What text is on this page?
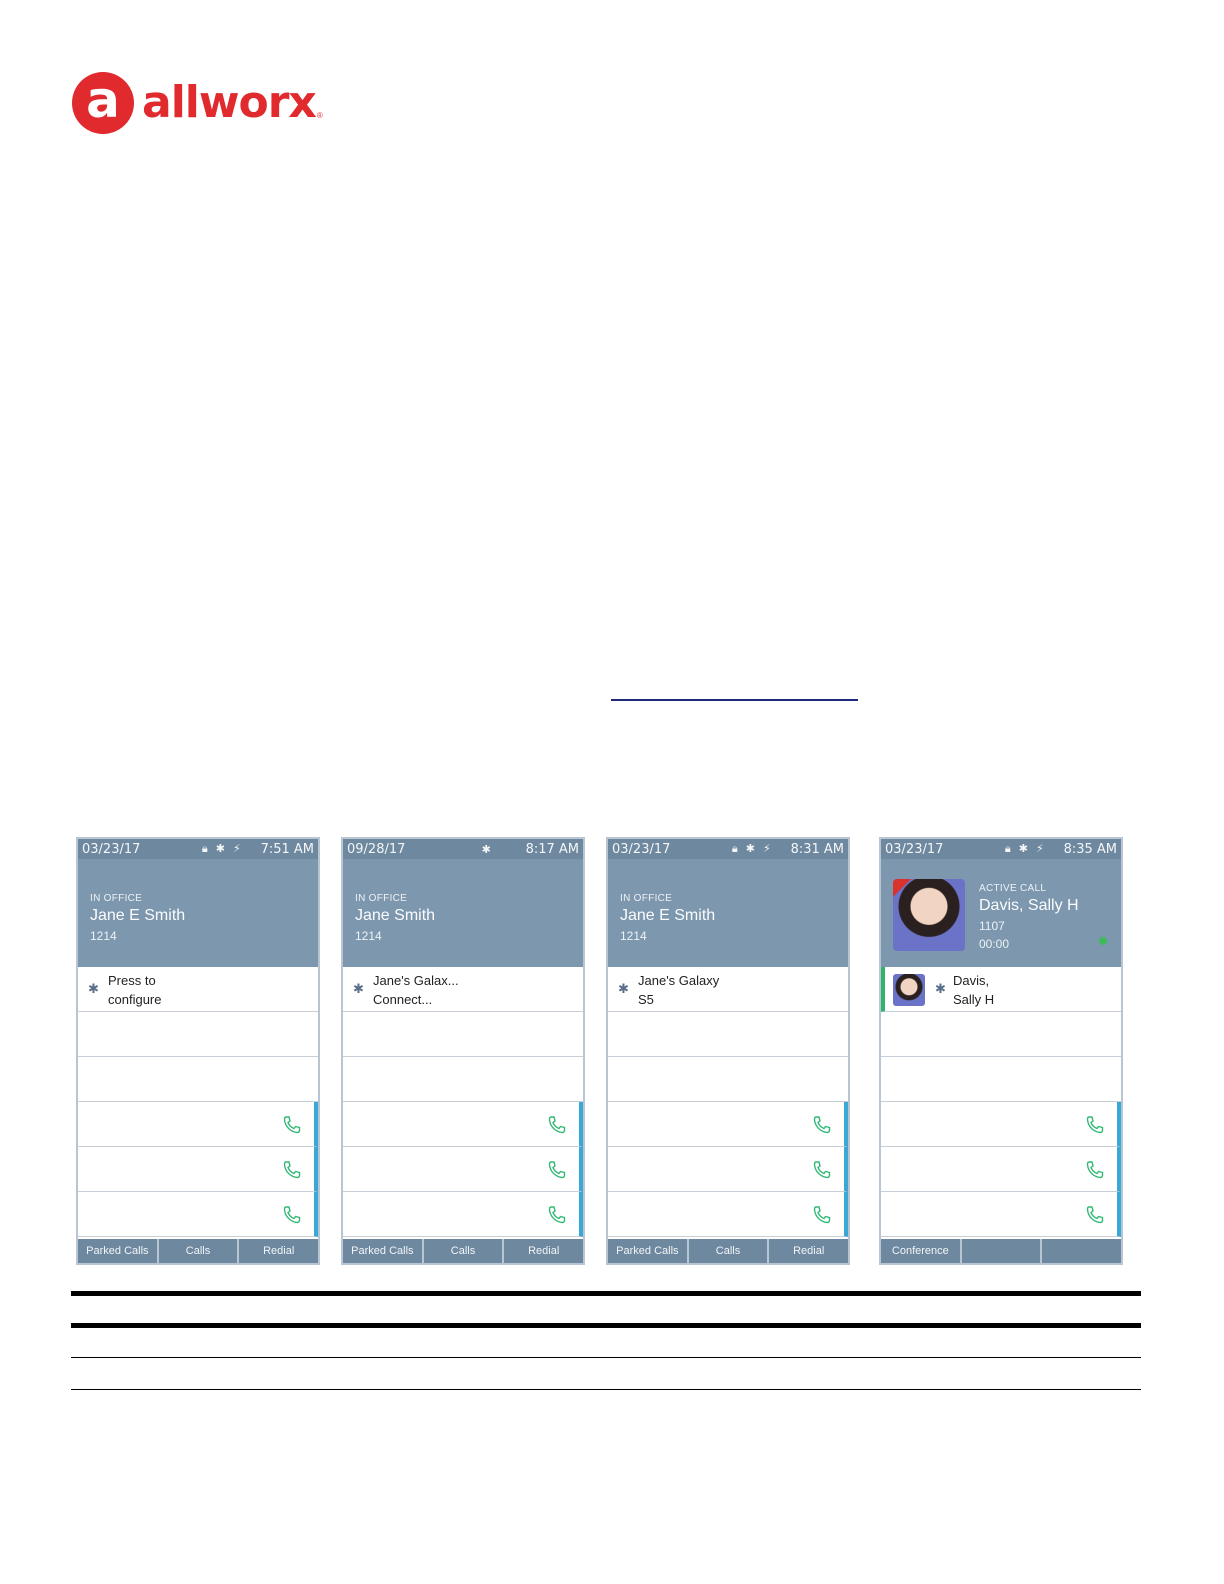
a allworx ®
03/23/17	🔒︎ ✱ ⚡︎ 7:51 AM
IN OFFICE
Jane E Smith
1214
✱
Press to
configure
Parked Calls	Calls	Redial
09/28/17	✱	8:17 AM
IN OFFICE
Jane Smith
1214
✱
Jane's Galax...
Connect...
Parked Calls	Calls	Redial
03/23/17	🔒︎ ✱ ⚡︎ 8:31 AM
IN OFFICE
Jane E Smith
1214
✱
Jane's Galaxy
S5
Parked Calls	Calls	Redial
03/23/17	🔒︎ ✱ ⚡︎ 8:35 AM
ACTIVE CALL
Davis, Sally H
1107
00:00
✱
Davis,
Sally H
Conference
